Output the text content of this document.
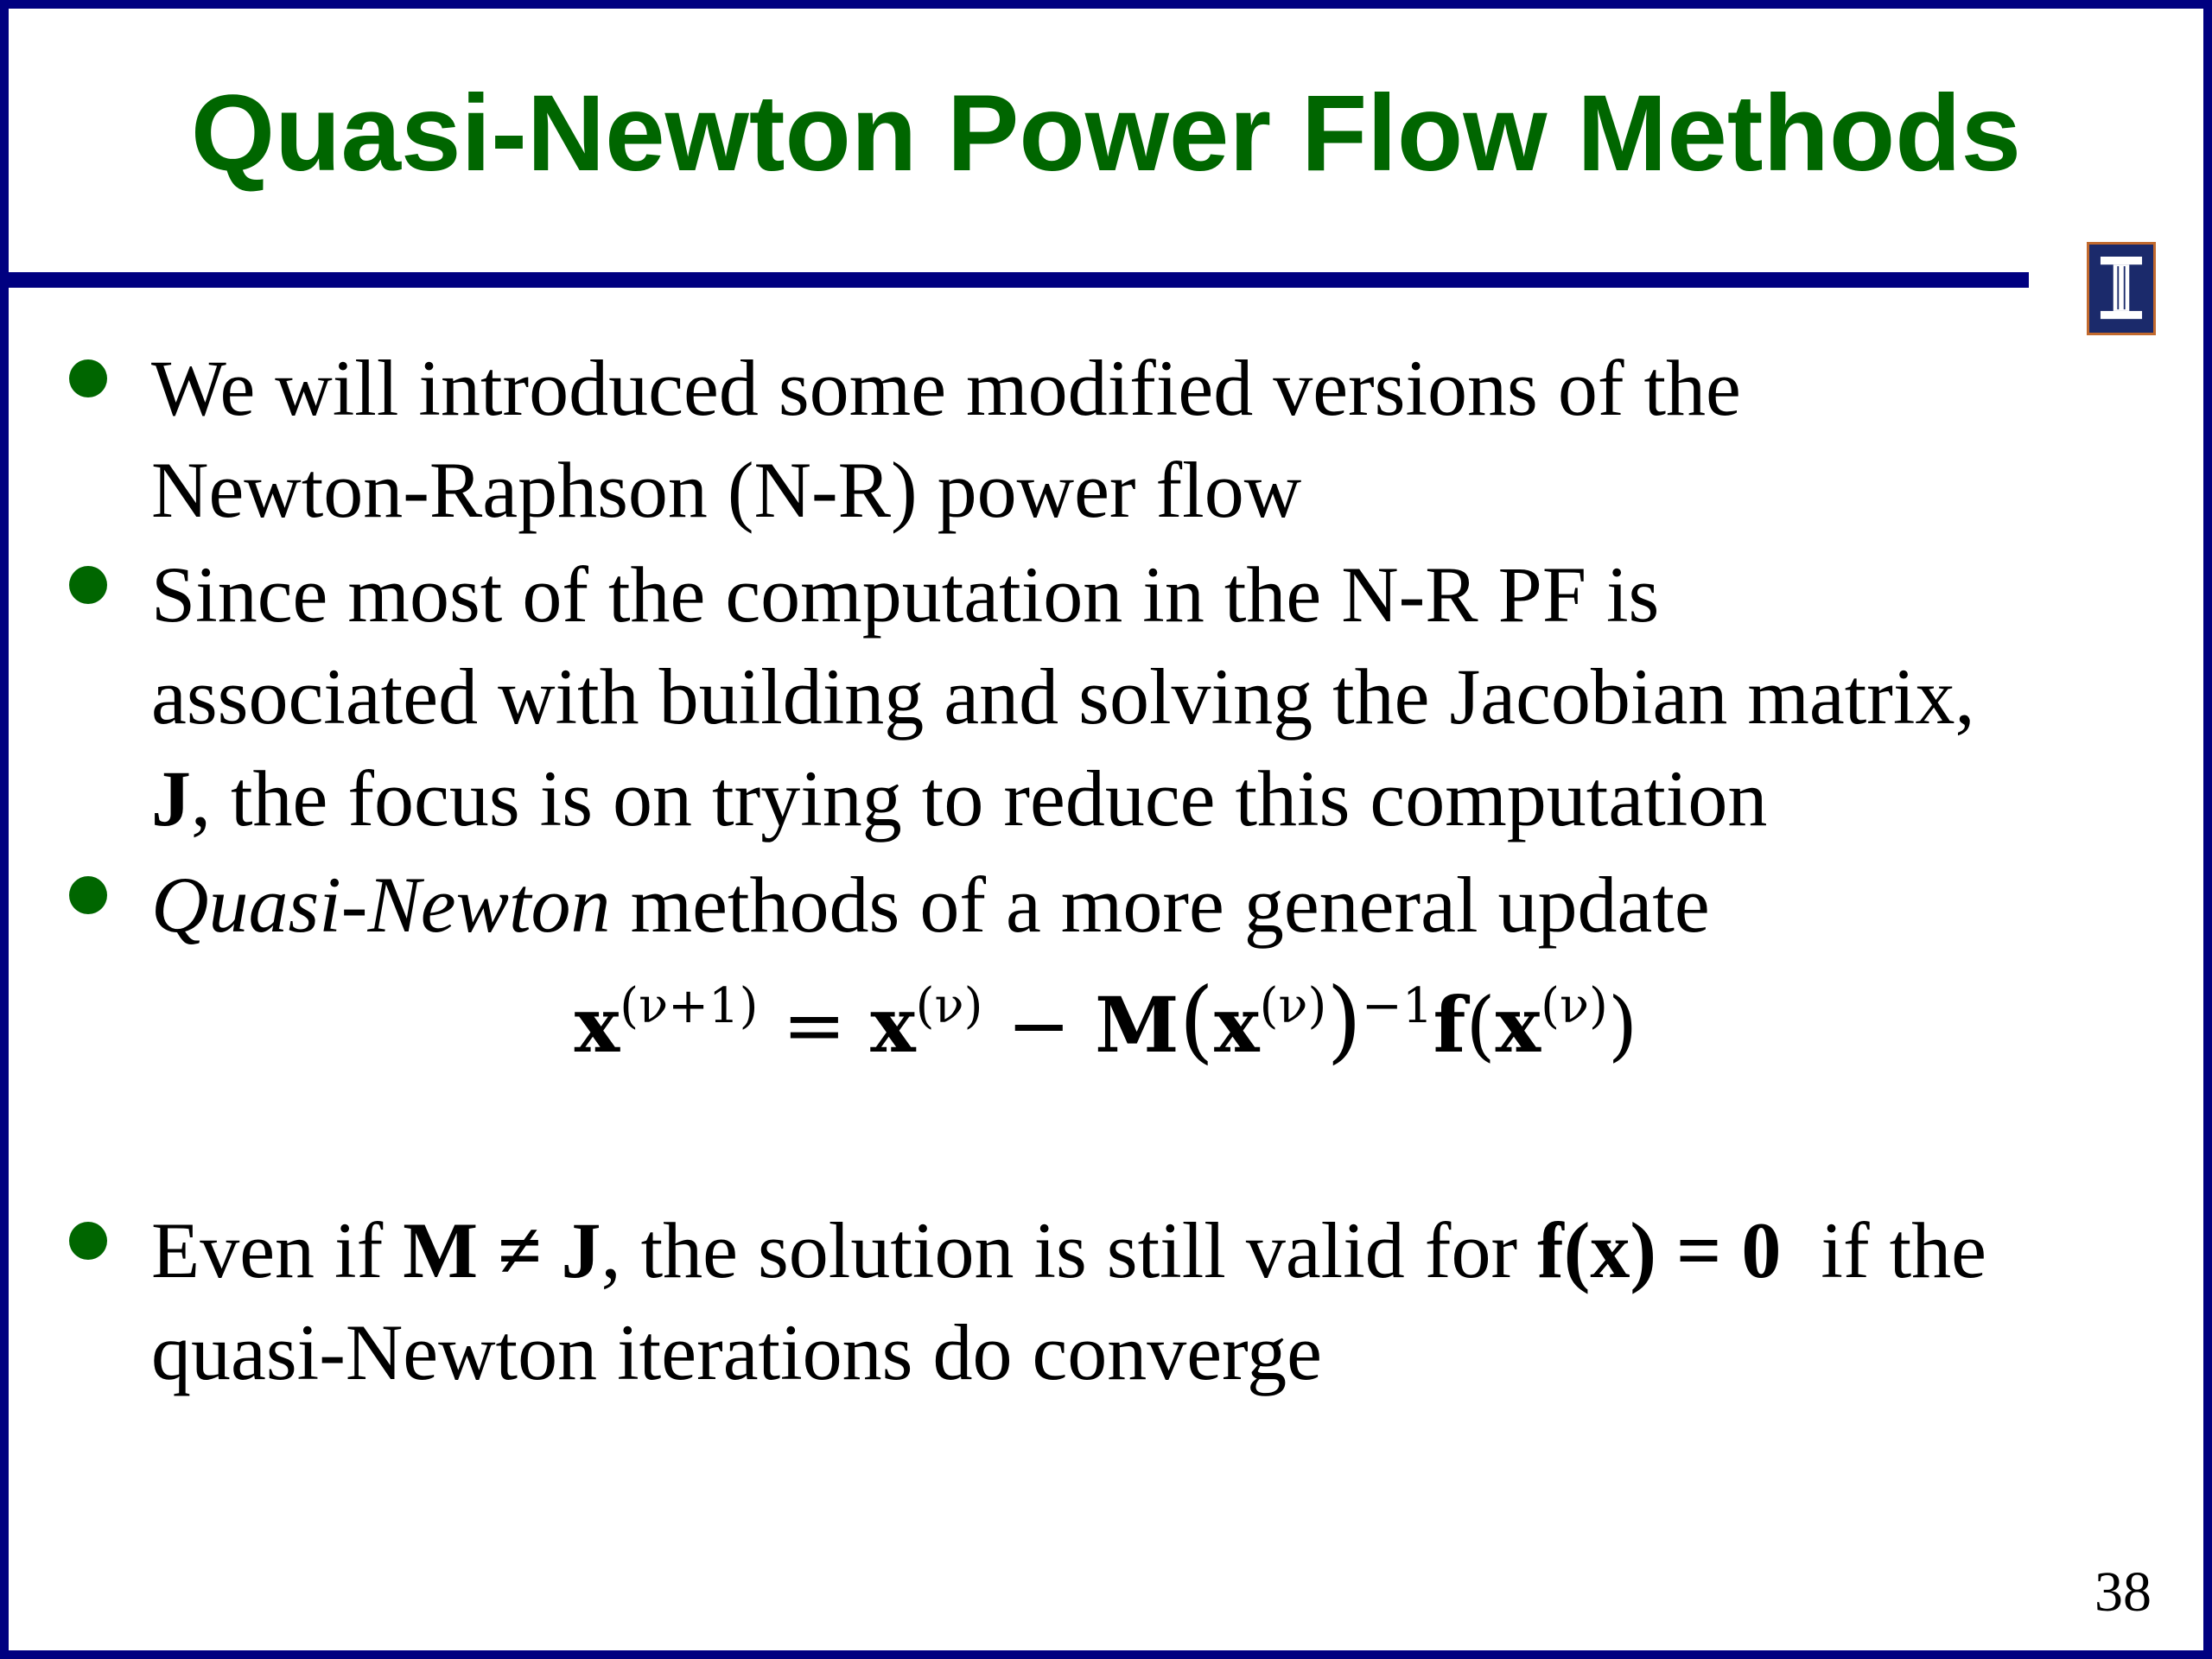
Quasi-Newton Power Flow Methods
We will introduced some modified versions of the
Newton-Raphson (N-R) power flow
Since most of the computation in the N-R PF is
associated with building and solving the Jacobian matrix,
J, the focus is on trying to reduce this computation
Quasi-Newton methods of a more general update
$x^{(\nu+1)} = x^{(\nu)} - M(x^{(\nu)})^{-1}f(x^{(\nu)})$
Even if M ≠ J, the solution is still valid for f(x) = 0  if the
quasi-Newton iterations do converge
38
